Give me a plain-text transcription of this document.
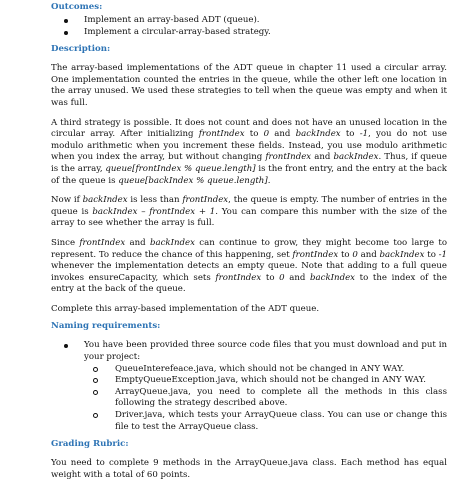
Outcomes:
Implement an array-based ADT (queue).
Implement a circular-array-based strategy.
Description:

The array-based implementations of the ADT queue in chapter 11 used a circular array. One implementation counted the entries in the queue, while the other left one location in the array unused. We used these strategies to tell when the queue was empty and when it was full.

A third strategy is possible. It does not count and does not have an unused location in the circular array. After initializing frontIndex to 0 and backIndex to -1, you do not use modulo arithmetic when you increment these fields. Instead, you use modulo arithmetic when you index the array, but without changing frontIndex and backIndex. Thus, if queue is the array, queue[frontIndex % queue.length] is the front entry, and the entry at the back of the queue is queue[backIndex % queue.length].

Now if backIndex is less than frontIndex, the queue is empty. The number of entries in the queue is backIndex – frontIndex + 1. You can compare this number with the size of the array to see whether the array is full.

Since frontIndex and backIndex can continue to grow, they might become too large to represent. To reduce the chance of this happening, set frontIndex to 0 and backIndex to -1 whenever the implementation detects an empty queue. Note that adding to a full queue invokes ensureCapacity, which sets frontIndex to 0 and backIndex to the index of the entry at the back of the queue.

Complete this array-based implementation of the ADT queue.

Naming requirements:
You have been provided three source code files that you must download and put in your project:
QueueInterefeace.java, which should not be changed in ANY WAY.
EmptyQueueException.java, which should not be changed in ANY WAY.
ArrayQueue.java, you need to complete all the methods in this class following the strategy described above.
Driver.java, which tests your ArrayQueue class. You can use or change this file to test the ArrayQueue class.
Grading Rubric:

You need to complete 9 methods in the ArrayQueue.java class. Each method has equal weight with a total of 60 points.
